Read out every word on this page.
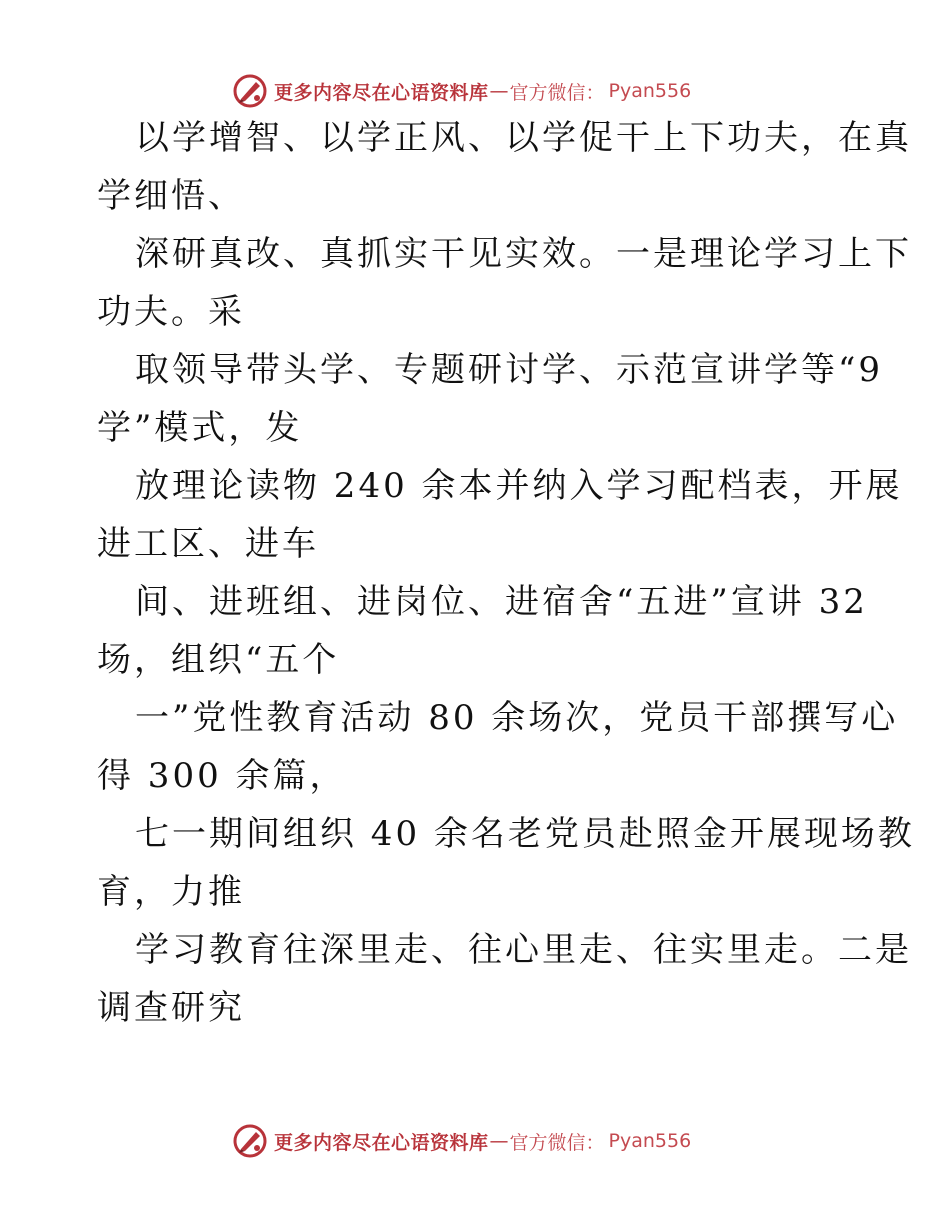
更多内容尽在心语资料库 — 官方微信： Pyan556
以学增智、以学正风、以学促干上下功夫，在真
学细悟、
深研真改、真抓实干见实效。一是理论学习上下
功夫。采
取领导带头学、专题研讨学、示范宣讲学等“9
学”模式，发
放理论读物 240 余本并纳入学习配档表，开展
进工区、进车
间、进班组、进岗位、进宿舍“五进”宣讲 32
场，组织“五个
一”党性教育活动 80 余场次，党员干部撰写心
得 300 余篇，
七一期间组织 40 余名老党员赴照金开展现场教
育，力推
学习教育往深里走、往心里走、往实里走。二是
调查研究
更多内容尽在心语资料库 — 官方微信： Pyan556
